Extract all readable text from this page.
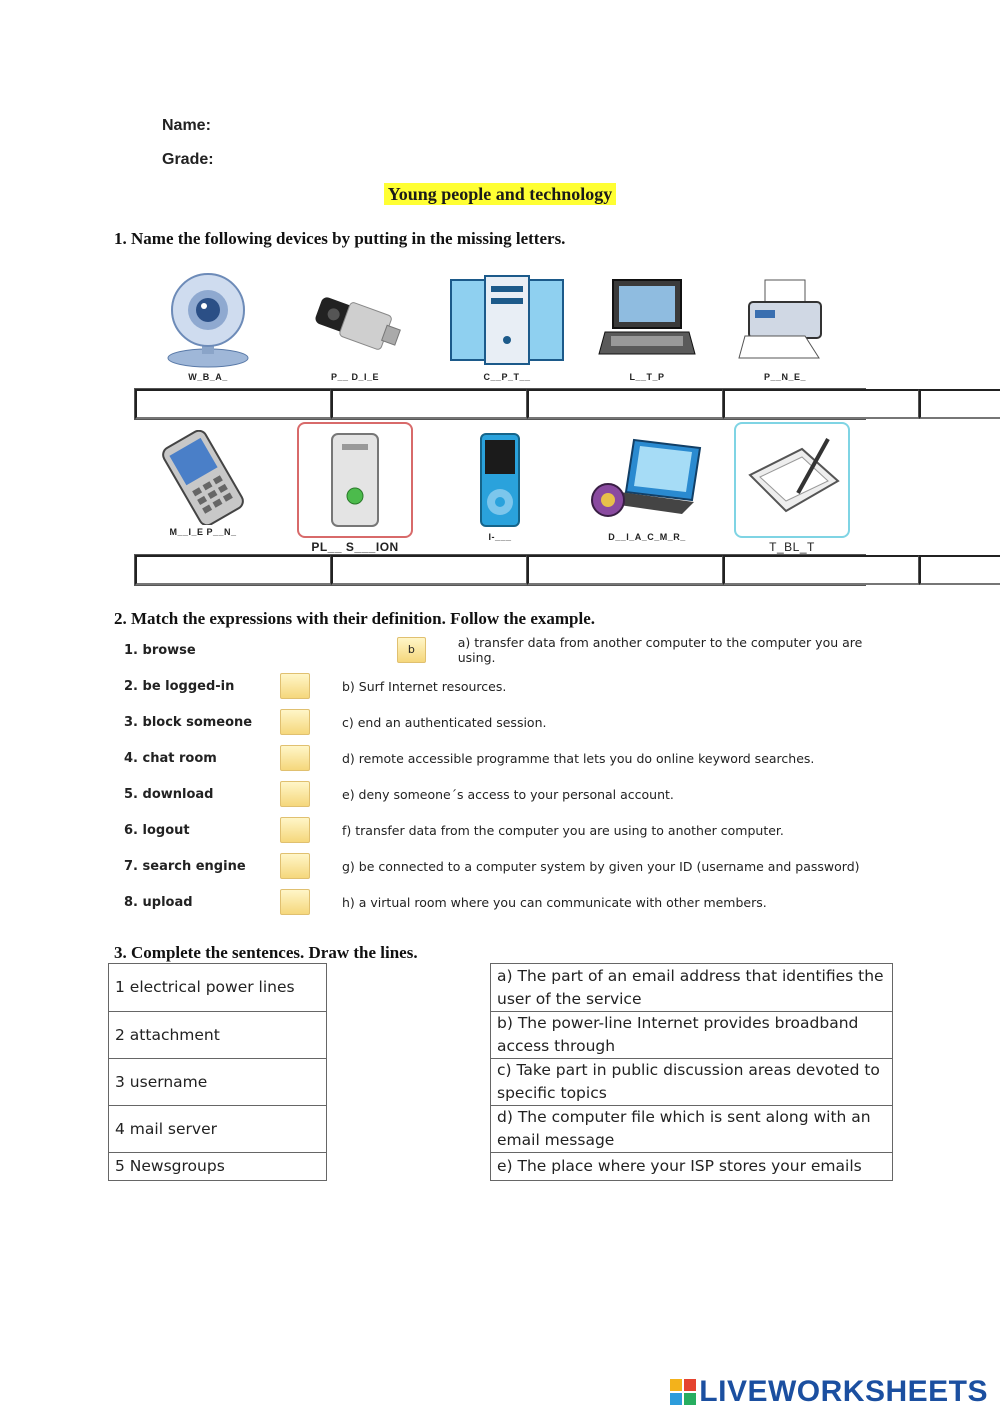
Name:
Grade:
Young people and technology
1. Name the following devices by putting in the missing letters.
W_B_A_	P__ D_I_E	C__P_T__	L__T_P	P__N_E_
M__I_E P__N_
PL__ S___ION
I-___	D__I_A_C_M_R_
T_BL_T
2. Match the expressions with their definition. Follow the example.
1. browse	b	a) transfer data from another computer to the computer you are using.
2. be logged-in	b) Surf Internet resources.
3. block someone	c) end an authenticated session.
4. chat room	d) remote accessible programme that lets you do online keyword searches.
5. download	e) deny someone´s access to your personal account.
6. logout	f) transfer data from the computer you are using to another computer.
7. search engine	g) be connected to a computer system by given your ID (username and password)
8. upload	h) a virtual room where you can communicate with other members.
3. Complete the sentences. Draw the lines.
1 electrical power lines
2 attachment
3 username
4 mail server
5 Newsgroups
a) The part of an email address that identifies the user of the service
b) The power-line Internet provides broadband access through
c) Take part in public discussion areas devoted to specific topics
d) The computer file which is sent along with an email message
e) The place where your ISP stores your emails
LIVEWORKSHEETS
